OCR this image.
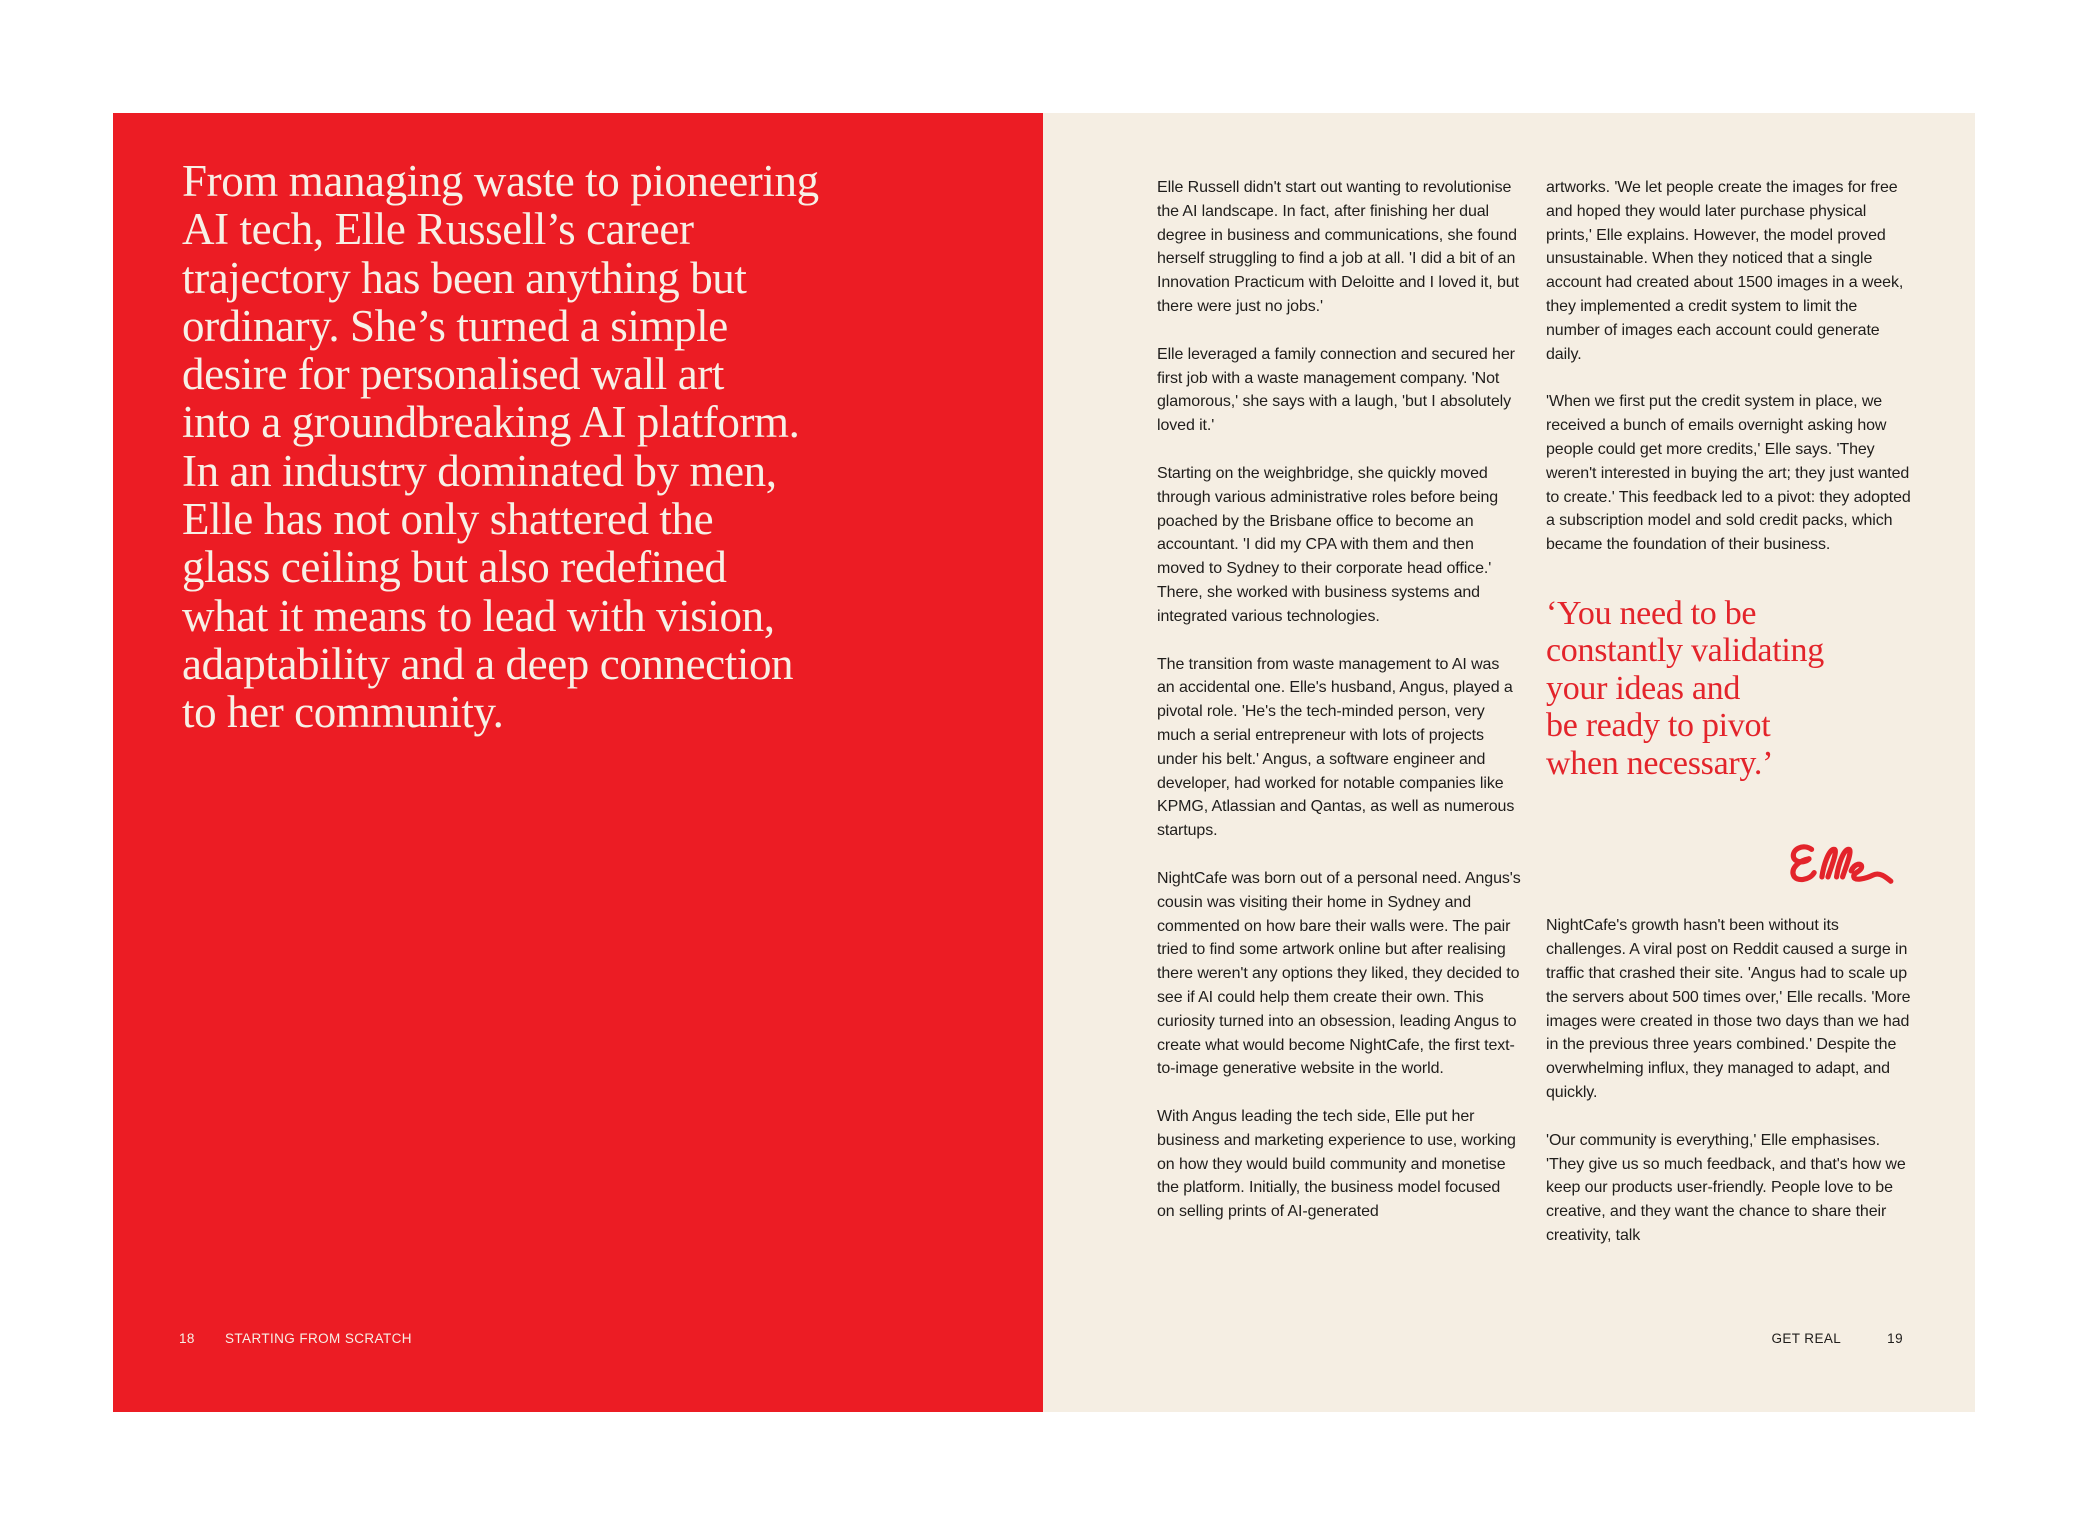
From managing waste to pioneering
AI tech, Elle Russell’s career
trajectory has been anything but
ordinary. She’s turned a simple
desire for personalised wall art
into a groundbreaking AI platform.
In an industry dominated by men,
Elle has not only shattered the
glass ceiling but also redefined
what it means to lead with vision,
adaptability and a deep connection
to her community.
18	STARTING FROM SCRATCH

Elle Russell didn't start out wanting to revolutionise the AI landscape. In fact, after finishing her dual degree in business and communications, she found herself struggling to find a job at all. 'I did a bit of an Innovation Practicum with Deloitte and I loved it, but there were just no jobs.'

Elle leveraged a family connection and secured her first job with a waste management company. 'Not glamorous,' she says with a laugh, 'but I absolutely loved it.'

Starting on the weighbridge, she quickly moved through various administrative roles before being poached by the Brisbane office to become an accountant. 'I did my CPA with them and then moved to Sydney to their corporate head office.' There, she worked with business systems and integrated various technologies.

The transition from waste management to AI was an accidental one. Elle's husband, Angus, played a pivotal role. 'He's the tech-minded person, very much a serial entrepreneur with lots of projects under his belt.' Angus, a software engineer and developer, had worked for notable companies like KPMG, Atlassian and Qantas, as well as numerous startups.

NightCafe was born out of a personal need. Angus's cousin was visiting their home in Sydney and commented on how bare their walls were. The pair tried to find some artwork online but after realising there weren't any options they liked, they decided to see if AI could help them create their own. This curiosity turned into an obsession, leading Angus to create what would become NightCafe, the first text-to-image generative website in the world.

With Angus leading the tech side, Elle put her business and marketing experience to use, working on how they would build community and monetise the platform. Initially, the business model focused on selling prints of AI-generated

artworks. 'We let people create the images for free and hoped they would later purchase physical prints,' Elle explains. However, the model proved unsustainable. When they noticed that a single account had created about 1500 images in a week, they implemented a credit system to limit the number of images each account could generate daily.

'When we first put the credit system in place, we received a bunch of emails overnight asking how people could get more credits,' Elle says. 'They weren't interested in buying the art; they just wanted to create.' This feedback led to a pivot: they adopted a subscription model and sold credit packs, which became the foundation of their business.

‘You need to be
constantly validating
your ideas and
be ready to pivot
when necessary.’

NightCafe's growth hasn't been without its challenges. A viral post on Reddit caused a surge in traffic that crashed their site. 'Angus had to scale up the servers about 500 times over,' Elle recalls. 'More images were created in those two days than we had in the previous three years combined.' Despite the overwhelming influx, they managed to adapt, and quickly.

'Our community is everything,' Elle emphasises. 'They give us so much feedback, and that's how we keep our products user-friendly. People love to be creative, and they want the chance to share their creativity, talk

GET REAL	19
